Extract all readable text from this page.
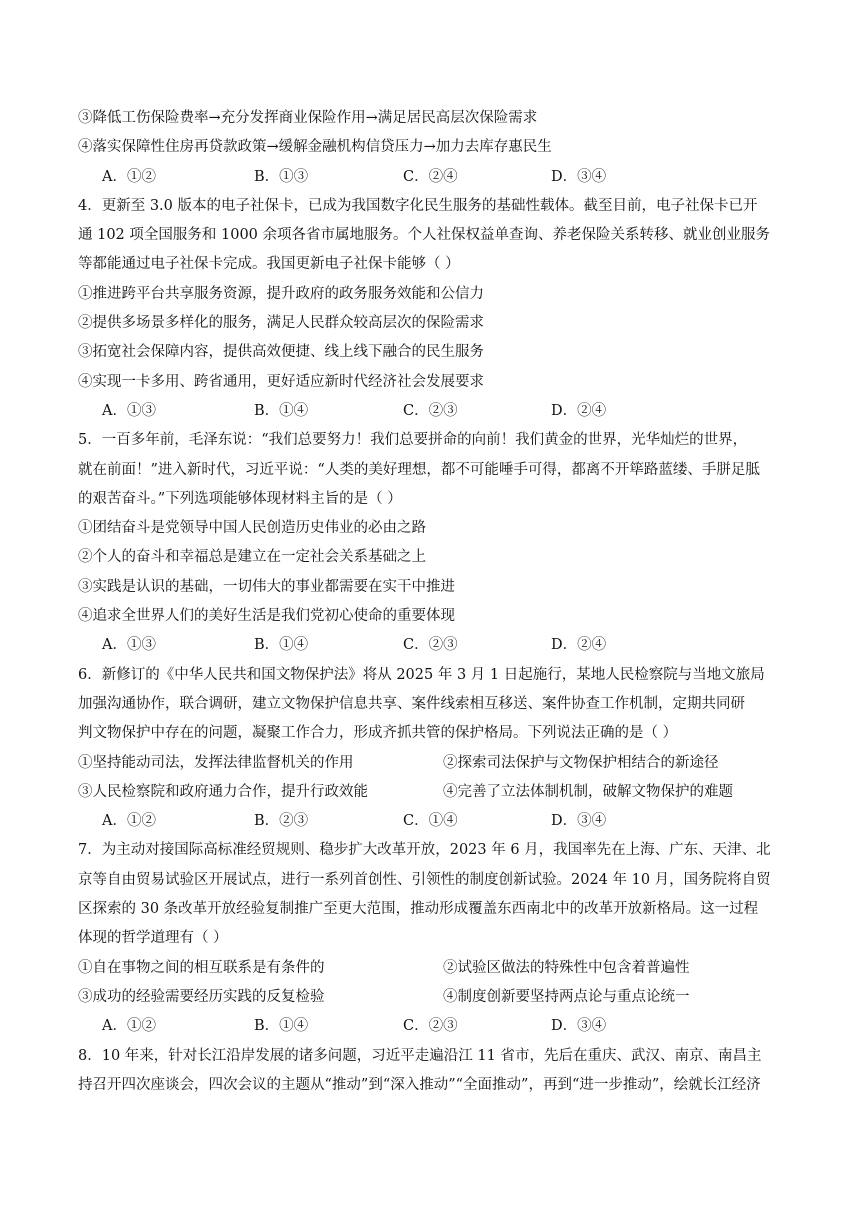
③降低工伤保险费率→充分发挥商业保险作用→满足居民高层次保险需求
④落实保障性住房再贷款政策→缓解金融机构信贷压力→加力去库存惠民生
A．①②	B．①③	C．②④	D．③④
4．更新至 3.0 版本的电子社保卡，已成为我国数字化民生服务的基础性载体。截至目前，电子社保卡已开
通 102 项全国服务和 1000 余项各省市属地服务。个人社保权益单查询、养老保险关系转移、就业创业服务
等都能通过电子社保卡完成。我国更新电子社保卡能够（ ）
①推进跨平台共享服务资源，提升政府的政务服务效能和公信力
②提供多场景多样化的服务，满足人民群众较高层次的保险需求
③拓宽社会保障内容，提供高效便捷、线上线下融合的民生服务
④实现一卡多用、跨省通用，更好适应新时代经济社会发展要求
A．①③	B．①④	C．②③	D．②④
5．一百多年前，毛泽东说：“我们总要努力！我们总要拼命的向前！我们黄金的世界，光华灿烂的世界，
就在前面！”进入新时代，习近平说：“人类的美好理想，都不可能唾手可得，都离不开筚路蓝缕、手胼足胝
的艰苦奋斗。”下列选项能够体现材料主旨的是（ ）
①团结奋斗是党领导中国人民创造历史伟业的必由之路
②个人的奋斗和幸福总是建立在一定社会关系基础之上
③实践是认识的基础，一切伟大的事业都需要在实干中推进
④追求全世界人们的美好生活是我们党初心使命的重要体现
A．①③	B．①④	C．②③	D．②④
6．新修订的《中华人民共和国文物保护法》将从 2025 年 3 月 1 日起施行，某地人民检察院与当地文旅局
加强沟通协作，联合调研，建立文物保护信息共享、案件线索相互移送、案件协查工作机制，定期共同研
判文物保护中存在的问题，凝聚工作合力，形成齐抓共管的保护格局。下列说法正确的是（ ）
①坚持能动司法，发挥法律监督机关的作用	②探索司法保护与文物保护相结合的新途径
③人民检察院和政府通力合作，提升行政效能	④完善了立法体制机制，破解文物保护的难题
A．①②	B．②③	C．①④	D．③④
7．为主动对接国际高标准经贸规则、稳步扩大改革开放，2023 年 6 月，我国率先在上海、广东、天津、北
京等自由贸易试验区开展试点，进行一系列首创性、引领性的制度创新试验。2024 年 10 月，国务院将自贸
区探索的 30 条改革开放经验复制推广至更大范围，推动形成覆盖东西南北中的改革开放新格局。这一过程
体现的哲学道理有（ ）
①自在事物之间的相互联系是有条件的	②试验区做法的特殊性中包含着普遍性
③成功的经验需要经历实践的反复检验	④制度创新要坚持两点论与重点论统一
A．①②	B．①④	C．②③	D．③④
8．10 年来，针对长江沿岸发展的诸多问题，习近平走遍沿江 11 省市，先后在重庆、武汉、南京、南昌主
持召开四次座谈会，四次会议的主题从“推动”到“深入推动”“全面推动”，再到“进一步推动”，绘就长江经济
